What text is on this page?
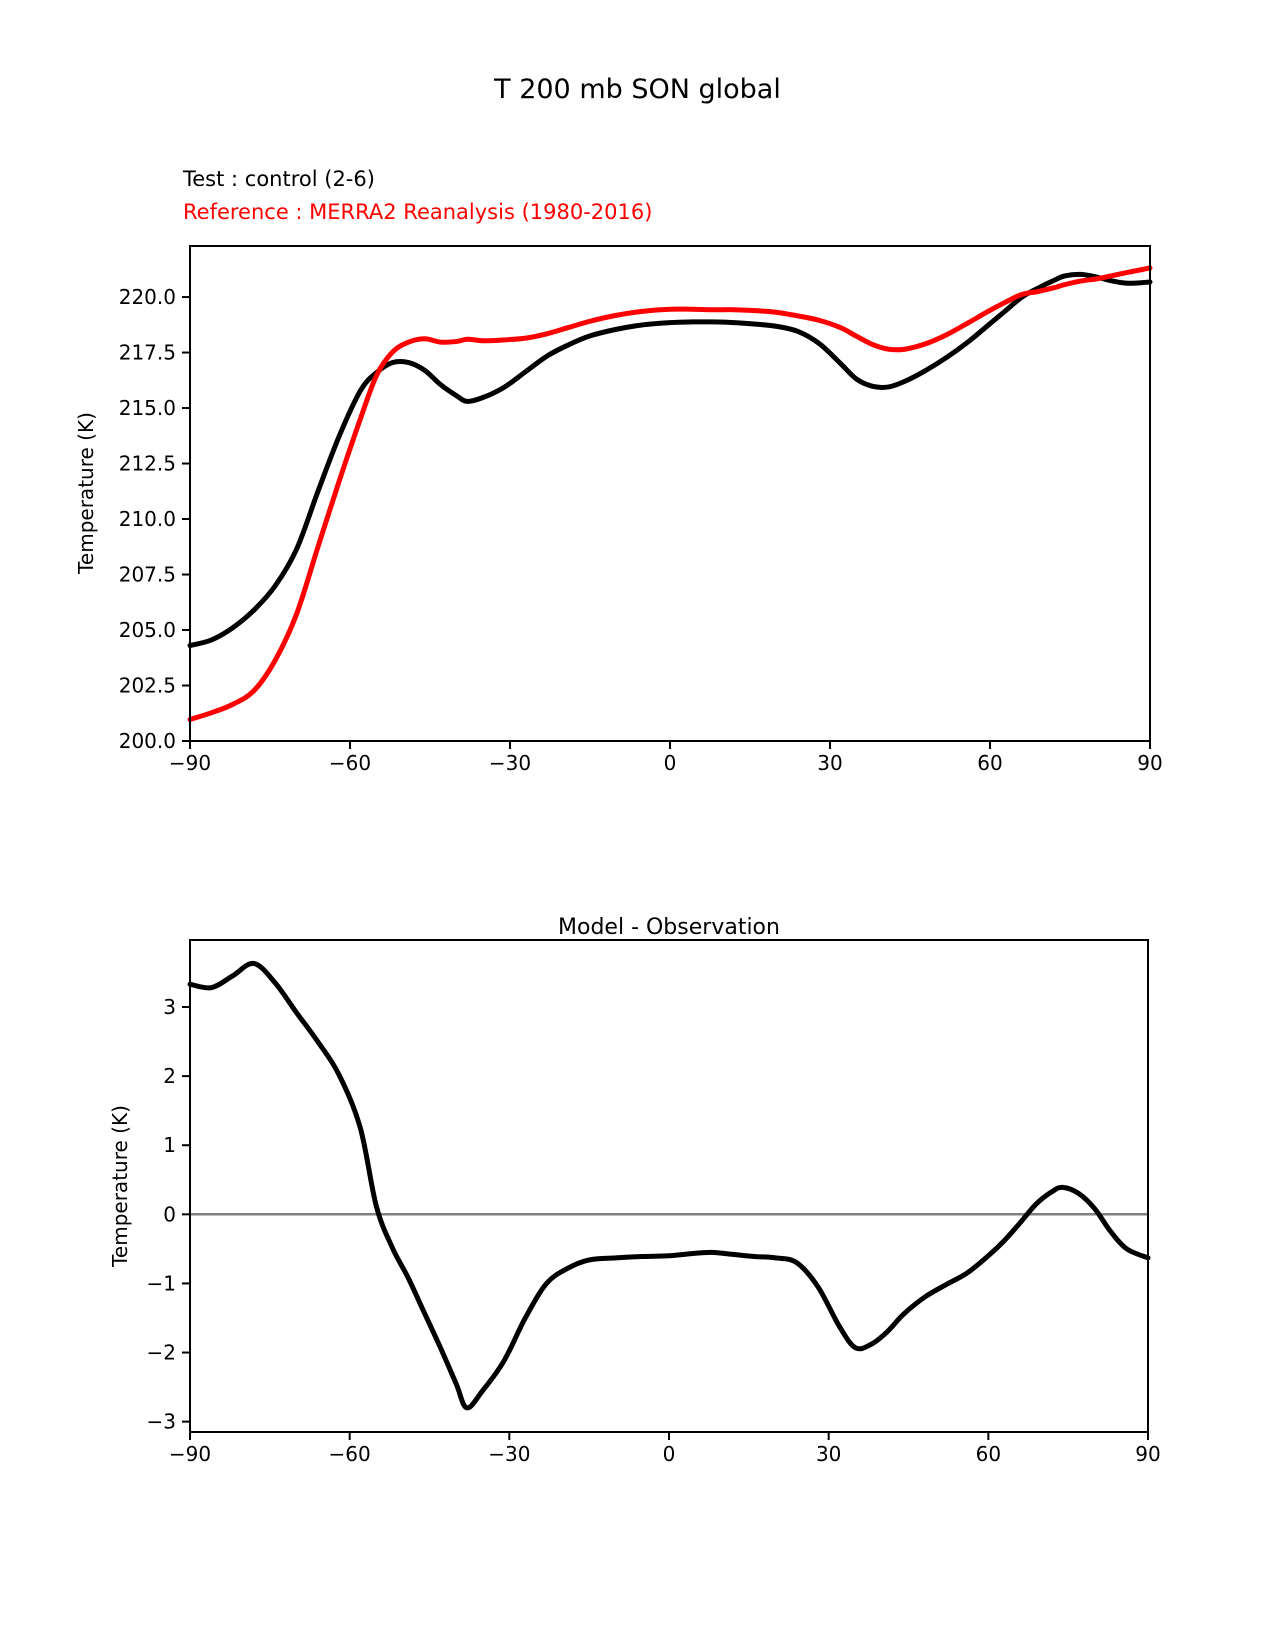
T 200 mb SON global
Test : control (2-6)
Reference : MERRA2 Reanalysis (1980-2016)
Temperature (K)
Model - Observation
Temperature (K)
−90	−60	−30	0	30	60	90
200.0
202.5
205.0
207.5
210.0
212.5
215.0
217.5
220.0
−90	−60	−30	0	30	60	90
−3
−2
−1
0
1
2
3
